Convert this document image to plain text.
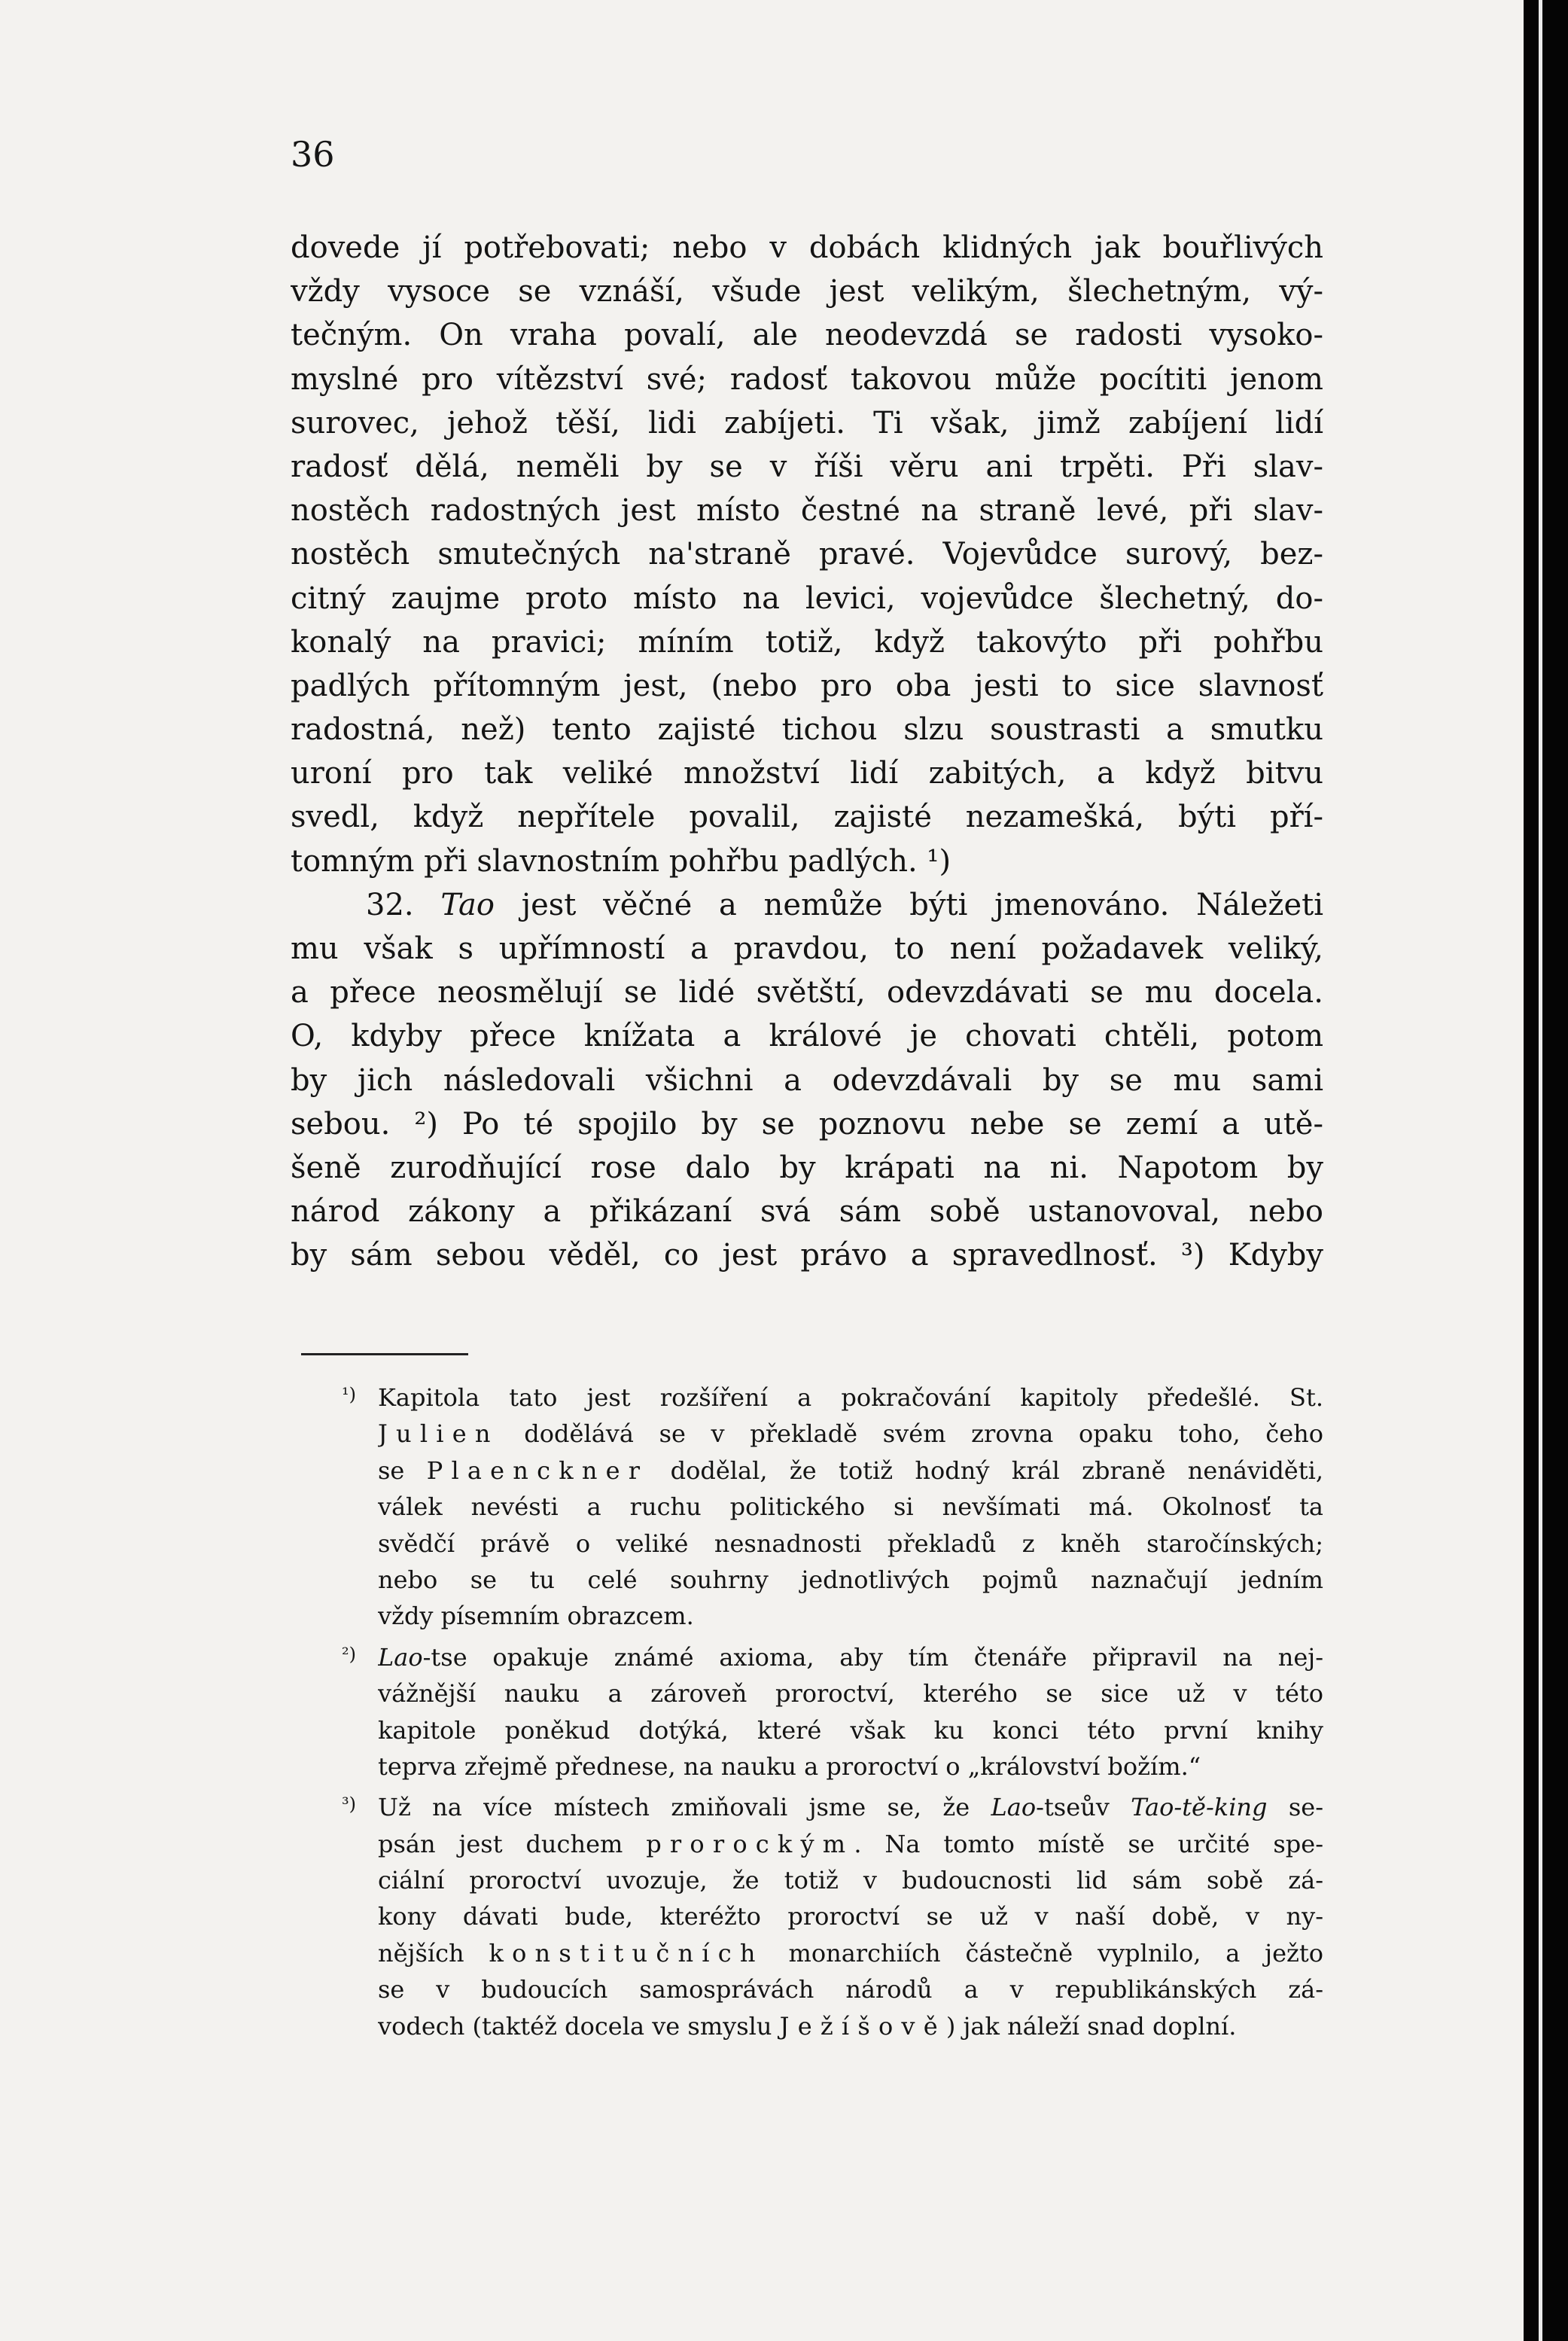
36
dovede jí potřebovati; nebo v dobách klidných jak bouřlivých
vždy vysoce se vznáší, všude jest velikým, šlechetným, vý-
tečným. On vraha povalí, ale neodevzdá se radosti vysoko-
myslné pro vítězství své; radosť takovou může pocítiti jenom
surovec, jehož těší, lidi zabíjeti. Ti však, jimž zabíjení lidí
radosť dělá, neměli by se v říši věru ani trpěti. Při slav-
nostěch radostných jest místo čestné na straně levé, při slav-
nostěch smutečných na'straně pravé. Vojevůdce surový, bez-
citný zaujme proto místo na levici, vojevůdce šlechetný, do-
konalý na pravici; míním totiž, když takovýto při pohřbu
padlých přítomným jest, (nebo pro oba jesti to sice slavnosť
radostná, než) tento zajisté tichou slzu soustrasti a smutku
uroní pro tak veliké množství lidí zabitých, a když bitvu
svedl, když nepřítele povalil, zajisté nezamešká, býti pří-
tomným při slavnostním pohřbu padlých. ¹)
32. Tao jest věčné a nemůže býti jmenováno. Náležeti
mu však s upřímností a pravdou, to není požadavek veliký,
a přece neosmělují se lidé světští, odevzdávati se mu docela.
O, kdyby přece knížata a králové je chovati chtěli, potom
by jich následovali všichni a odevzdávali by se mu sami
sebou. ²) Po té spojilo by se poznovu nebe se zemí a utě-
šeně zurodňující rose dalo by krápati na ni. Napotom by
národ zákony a přikázaní svá sám sobě ustanovoval, nebo
by sám sebou věděl, co jest právo a spravedlnosť. ³) Kdyby
¹) Kapitola tato jest rozšíření a pokračování kapitoly předešlé. St.
Julien dodělává se v překladě svém zrovna opaku toho, čeho
se Plaenckner dodělal, že totiž hodný král zbraně nenáviděti,
válek nevésti a ruchu politického si nevšímati má. Okolnosť ta
svědčí právě o veliké nesnadnosti překladů z kněh staročínských;
nebo se tu celé souhrny jednotlivých pojmů naznačují jedním
vždy písemním obrazcem.
²) Lao-tse opakuje známé axioma, aby tím čtenáře připravil na nej-
vážnější nauku a zároveň proroctví, kterého se sice už v této
kapitole poněkud dotýká, které však ku konci této první knihy
teprva zřejmě přednese, na nauku a proroctví o „království božím.“
³) Už na více místech zmiňovali jsme se, že Lao-tseův Tao-tě-king se-
psán jest duchem prorockým. Na tomto místě se určité spe-
ciální proroctví uvozuje, že totiž v budoucnosti lid sám sobě zá-
kony dávati bude, kteréžto proroctví se už v naší době, v ny-
nějších konstitučních monarchiích částečně vyplnilo, a ježto
se v budoucích samosprávách národů a v republikánských zá-
vodech (taktéž docela ve smyslu Ježíšově) jak náleží snad doplní.
